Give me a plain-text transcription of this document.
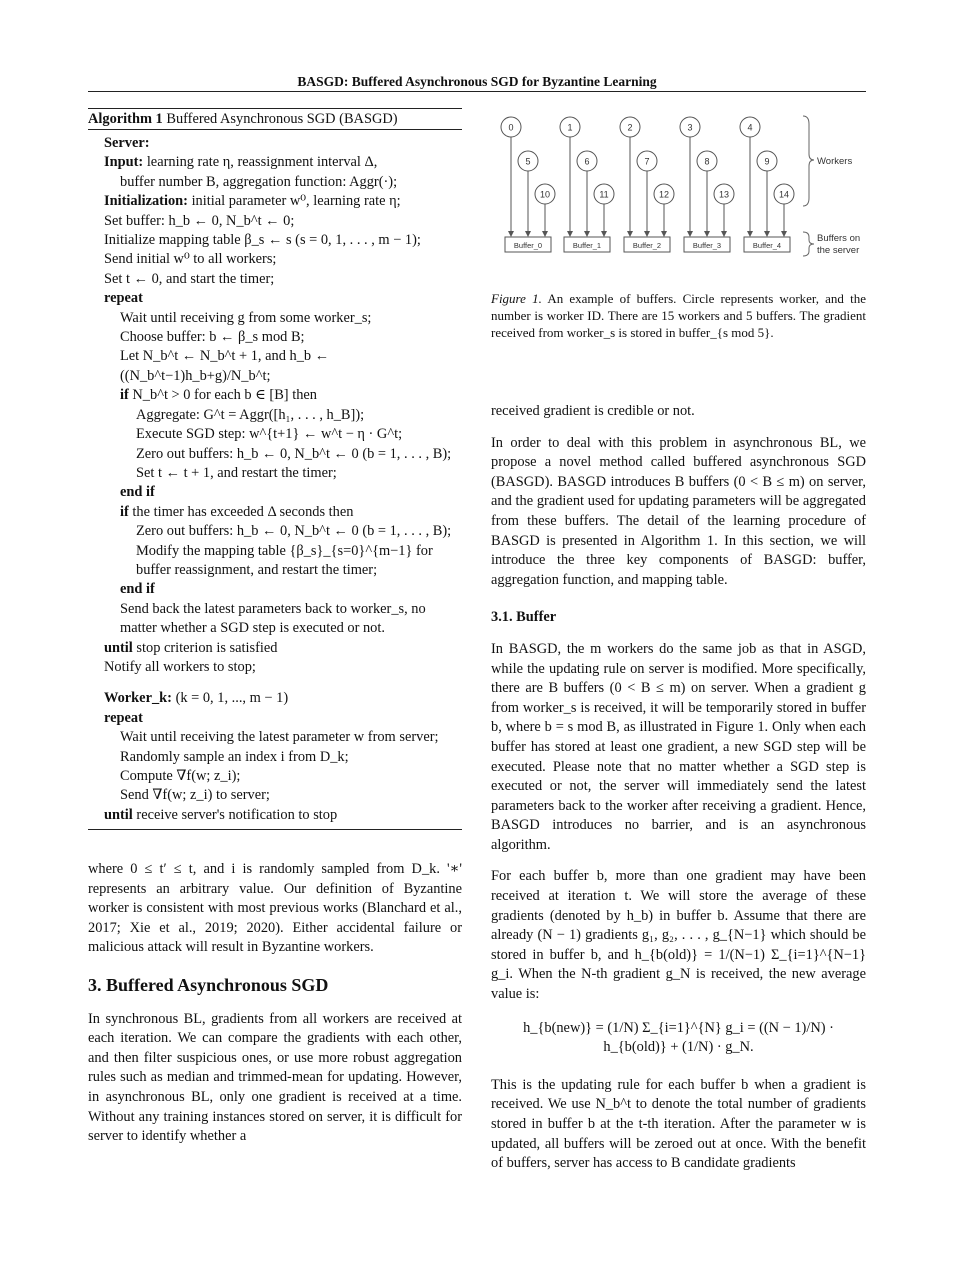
BASGD: Buffered Asynchronous SGD for Byzantine Learning
Algorithm 1 Buffered Asynchronous SGD (BASGD)
Server:
Input: learning rate η, reassignment interval Δ,
buffer number B, aggregation function: Aggr(·);
Initialization: initial parameter w⁰, learning rate η;
Set buffer: h_b ← 0, N_b^t ← 0;
Initialize mapping table β_s ← s (s = 0, 1, . . . , m − 1);
Send initial w⁰ to all workers;
Set t ← 0, and start the timer;
repeat
Wait until receiving g from some worker_s;
Choose buffer: b ← β_s mod B;
Let N_b^t ← N_b^t + 1, and h_b ← ((N_b^t−1)h_b+g)/N_b^t;
if N_b^t > 0 for each b ∈ [B] then
Aggregate: G^t = Aggr([h₁, . . . , h_B]);
Execute SGD step: w^{t+1} ← w^t − η · G^t;
Zero out buffers: h_b ← 0, N_b^t ← 0 (b = 1, . . . , B);
Set t ← t + 1, and restart the timer;
end if
if the timer has exceeded Δ seconds then
Zero out buffers: h_b ← 0, N_b^t ← 0 (b = 1, . . . , B);
Modify the mapping table {β_s}_{s=0}^{m−1} for buffer reassignment, and restart the timer;
end if
Send back the latest parameters back to worker_s, no matter whether a SGD step is executed or not.
until stop criterion is satisfied
Notify all workers to stop;
Worker_k: (k = 0, 1, ..., m − 1)
repeat
Wait until receiving the latest parameter w from server;
Randomly sample an index i from D_k;
Compute ∇f(w; z_i);
Send ∇f(w; z_i) to server;
until receive server's notification to stop

where 0 ≤ t′ ≤ t, and i is randomly sampled from D_k. '∗' represents an arbitrary value. Our definition of Byzantine worker is consistent with most previous works (Blanchard et al., 2017; Xie et al., 2019; 2020). Either accidental failure or malicious attack will result in Byzantine workers.

3. Buffered Asynchronous SGD

In synchronous BL, gradients from all workers are received at each iteration. We can compare the gradients with each other, and then filter suspicious ones, or use more robust aggregation rules such as median and trimmed-mean for updating. However, in asynchronous BL, only one gradient is received at a time. Without any training instances stored on server, it is difficult for server to identify whether a

0
5
10
Buffer_0
1
6
11
Buffer_1
2
7
12
Buffer_2
3
8
13
Buffer_3
4
9
14
Buffer_4
Workers
Buffers on
the server
Figure 1. An example of buffers. Circle represents worker, and the number is worker ID. There are 15 workers and 5 buffers. The gradient received from worker_s is stored in buffer_{s mod 5}.

received gradient is credible or not.

In order to deal with this problem in asynchronous BL, we propose a novel method called buffered asynchronous SGD (BASGD). BASGD introduces B buffers (0 < B ≤ m) on server, and the gradient used for updating parameters will be aggregated from these buffers. The detail of the learning procedure of BASGD is presented in Algorithm 1. In this section, we will introduce the three key components of BASGD: buffer, aggregation function, and mapping table.

3.1. Buffer

In BASGD, the m workers do the same job as that in ASGD, while the updating rule on server is modified. More specifically, there are B buffers (0 < B ≤ m) on server. When a gradient g from worker_s is received, it will be temporarily stored in buffer b, where b = s mod B, as illustrated in Figure 1. Only when each buffer has stored at least one gradient, a new SGD step will be executed. Please note that no matter whether a SGD step is executed or not, the server will immediately send the latest parameters back to the worker after receiving a gradient. Hence, BASGD introduces no barrier, and is an asynchronous algorithm.

For each buffer b, more than one gradient may have been received at iteration t. We will store the average of these gradients (denoted by h_b) in buffer b. Assume that there are already (N − 1) gradients g₁, g₂, . . . , g_{N−1} which should be stored in buffer b, and h_{b(old)} = 1/(N−1) Σ_{i=1}^{N−1} g_i. When the N-th gradient g_N is received, the new average value is:

h_{b(new)} = (1/N) Σ_{i=1}^{N} g_i = ((N − 1)/N) · h_{b(old)} + (1/N) · g_N.

This is the updating rule for each buffer b when a gradient is received. We use N_b^t to denote the total number of gradients stored in buffer b at the t-th iteration. After the parameter w is updated, all buffers will be zeroed out at once. With the benefit of buffers, server has access to B candidate gradients
